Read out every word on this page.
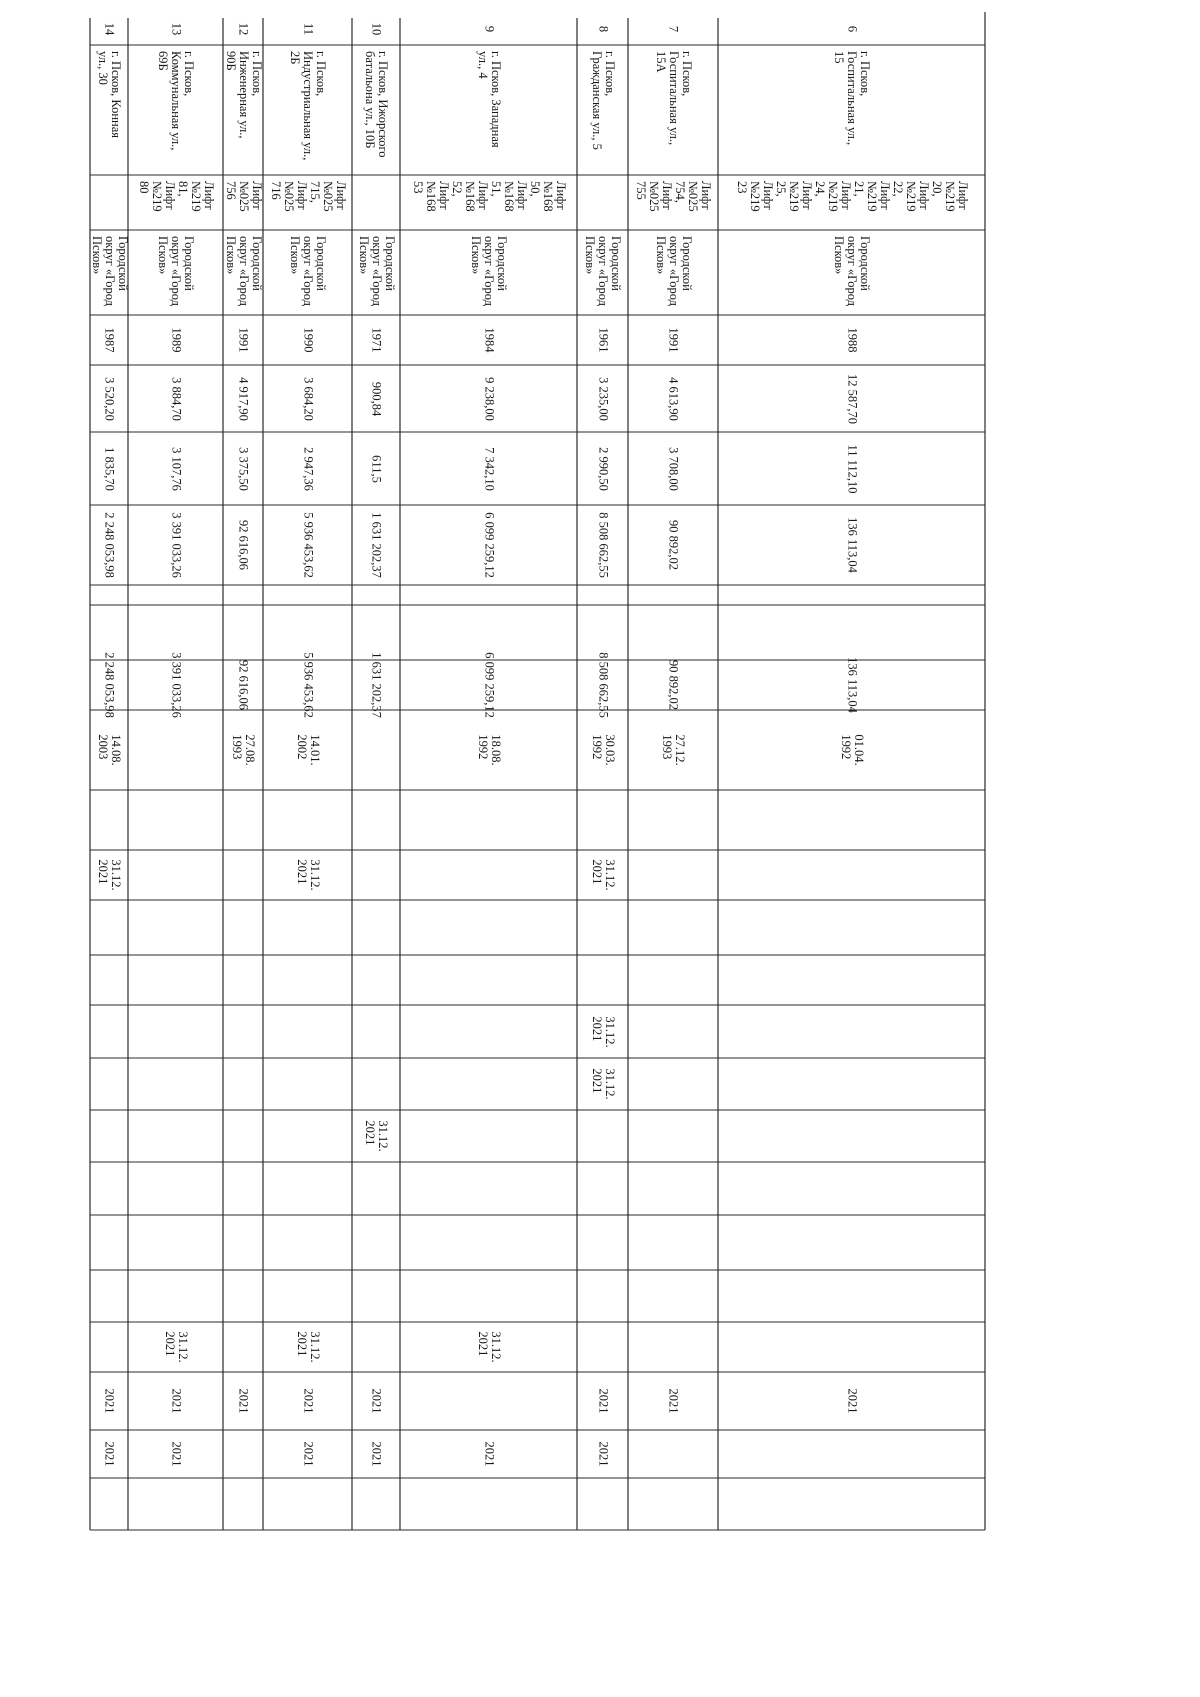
14
г. Псков, Конная
ул., 30
Городской
округ «Город
Псков»
1987
3 520,20
1 835,70
2 248 053,98
2 248 053,98
14.08.
2003
31.12.
2021
2021
2021
13
г. Псков,
Коммунальная ул.,
69Б
Лифт
№219
81,
Лифт
№219
80
Городской
округ «Город
Псков»
1989
3 884,70
3 107,76
3 391 033,26
3 391 033,26
31.12.
2021
2021
2021
12
г. Псков,
Инженерная ул.,
90Б
Лифт
№025
756
Городской
округ «Город
Псков»
1991
4 917,90
3 375,50
92 616,06
92 616,06
27.08.
1993
2021
11
г. Псков,
Индустриальная ул.,
2Б
Лифт
№025
715,
Лифт
№025
716
Городской
округ «Город
Псков»
1990
3 684,20
2 947,36
5 936 453,62
5 936 453,62
14.01.
2002
31.12.
2021
31.12.
2021
2021
2021
10
г. Псков, Ижорского
батальона ул., 10Б
Городской
округ «Город
Псков»
1971
900,84
611,5
1 631 202,37
1 631 202,37
31.12.
2021
2021
2021
9
г. Псков, Западная
ул., 4
Лифт
№168
50,
Лифт
№168
51,
Лифт
№168
52,
Лифт
№168
53
Городской
округ «Город
Псков»
1984
9 238,00
7 342,10
6 099 259,12
6 099 259,12
18.08.
1992
31.12.
2021
2021
8
г. Псков,
Гражданская ул., 5
Городской
округ «Город
Псков»
1961
3 235,00
2 990,50
8 508 662,55
8 508 662,55
30.03.
1992
31.12.
2021
31.12.
2021
31.12.
2021
2021
2021
7
г. Псков,
Госпитальная ул.,
15А
Лифт
№025
754,
Лифт
№025
755
Городской
округ «Город
Псков»
1991
4 613,90
3 708,00
90 892,02
90 892,02
27.12.
1993
2021
6
г. Псков,
Госпитальная ул.,
15
Лифт
№219
20,
Лифт
№219
22,
Лифт
№219
21,
Лифт
№219
24,
Лифт
№219
25,
Лифт
№219
23
Городской
округ «Город
Псков»
1988
12 587,70
11 112,10
136 113,04
136 113,04
01.04.
1992
2021
